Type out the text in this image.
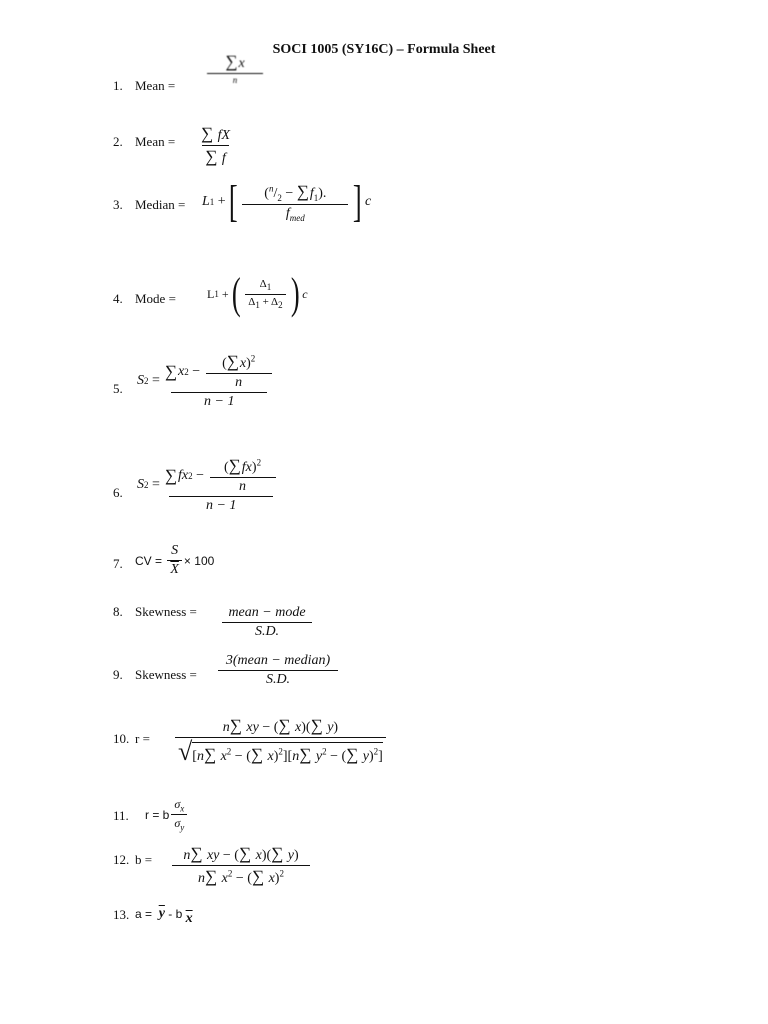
SOCI 1005 (SY16C) – Formula Sheet
1. Mean =
$\frac{\sum x}{n}$
2. Mean = $\frac{\sum fX}{\sum f}$
3. Median = L 1
+ [ $\frac{(^n/_2 - \sum f_1).}{f_{med}}$ ] c
4. Mode =	L 1
+ ( $\frac{\Delta_1}{\Delta_1 + \Delta_2}$ ) c
5.
S 2
= ∑ x 2
−
$\frac{(\sum x)^2}{n}$
n − 1
6.
S 2
= ∑ fx 2
−
$\frac{(\sum fx)^2}{n}$
n − 1
7. CV =
$\frac{S}{X} \times 100$
8. Skewness = $\frac{\text{mean − mode}}{S.D.}$
9. Skewness = $\frac{\text{3(mean − median)}}{S.D.}$
10. $r = \frac{n\sum xy - (\sum x)(\sum y)}{√ [n\sum x^2 - (\sum x)^2][n\sum y^2 - (\sum y)^2]}$
11. r = b $\frac{\sigma_x}{\sigma_y}$
12. $b = \frac{n\sum xy - (\sum x)(\sum y)}{n\sum x^2 - (\sum x)^2}$
13. a =
$\overline{y}$
- b
$\overline{x}$
